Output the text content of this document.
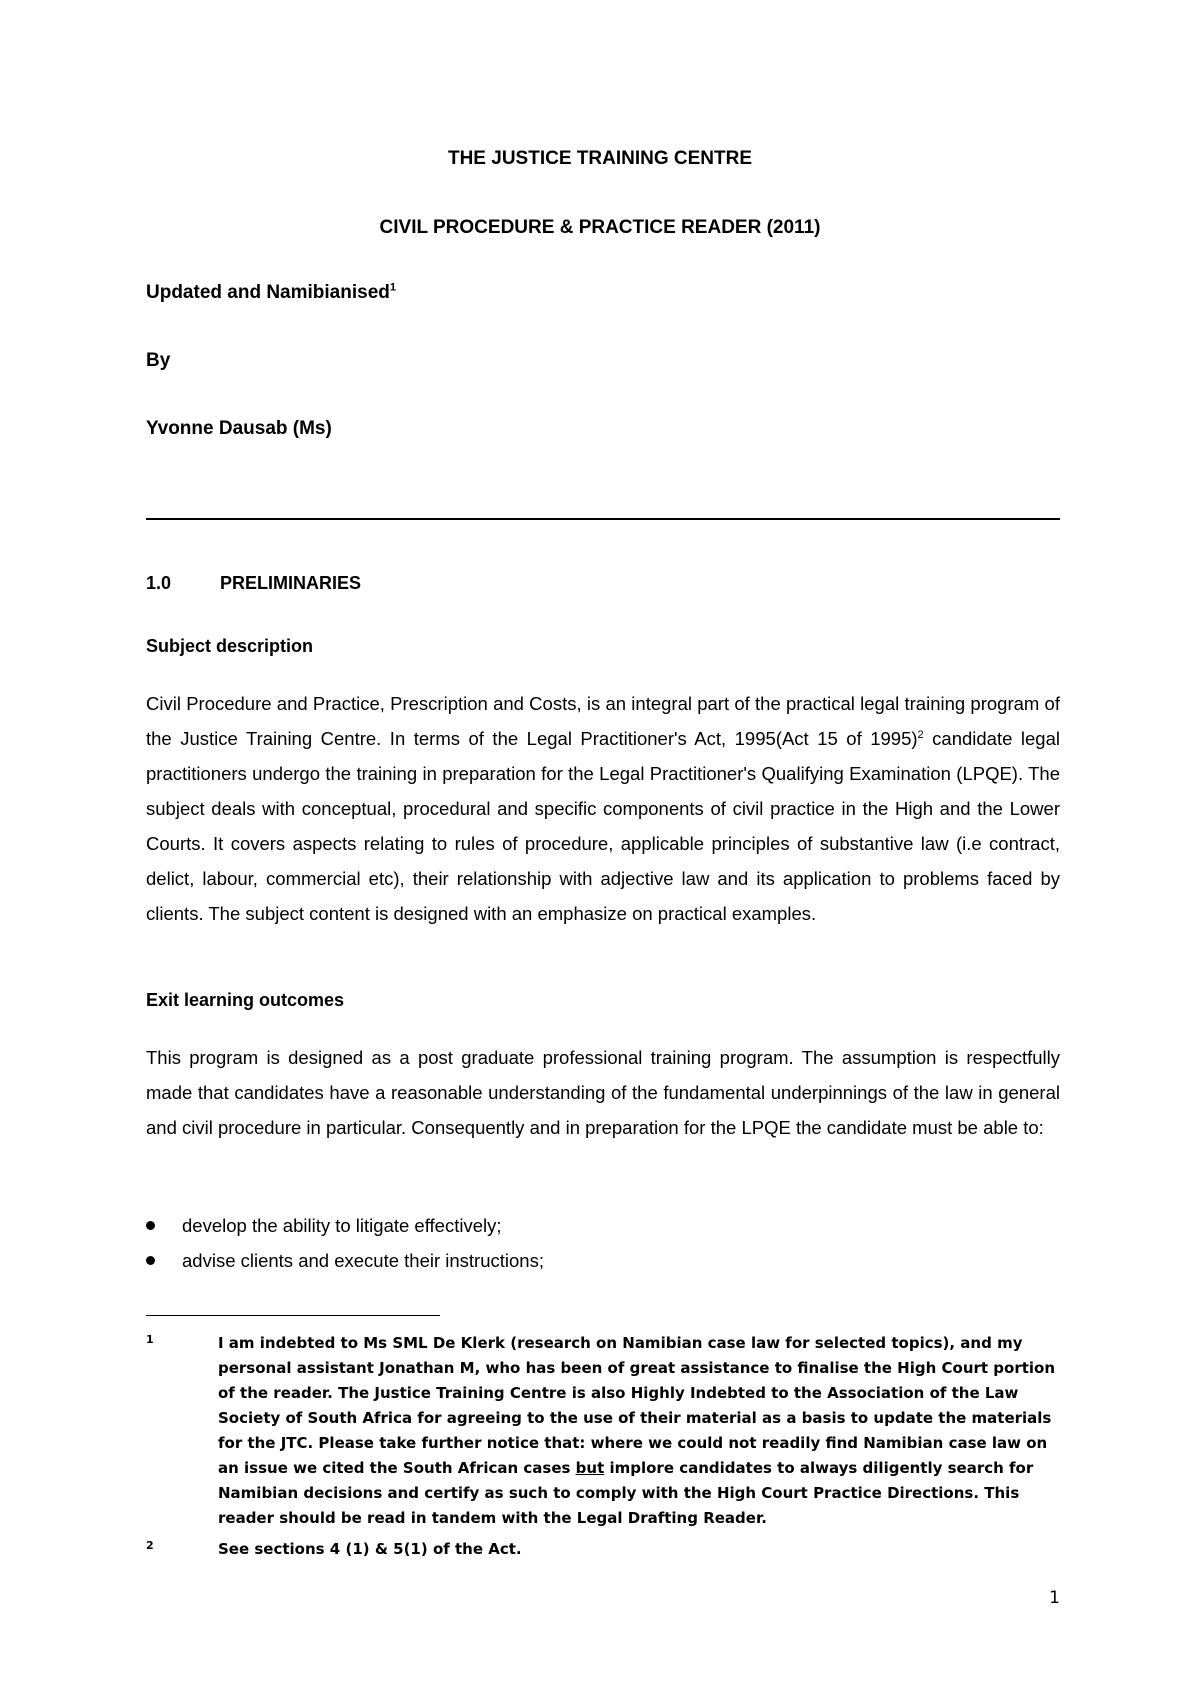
THE JUSTICE TRAINING CENTRE
CIVIL PROCEDURE & PRACTICE READER (2011)
Updated and Namibianised$^1$
By
Yvonne Dausab (Ms)
1.0	PRELIMINARIES
Subject description
Civil Procedure and Practice, Prescription and Costs, is an integral part of the practical legal training program of the Justice Training Centre. In terms of the Legal Practitioner's Act, 1995(Act 15 of 1995)$^2$ candidate legal practitioners undergo the training in preparation for the Legal Practitioner's Qualifying Examination (LPQE). The subject deals with conceptual, procedural and specific components of civil practice in the High and the Lower Courts. It covers aspects relating to rules of procedure, applicable principles of substantive law (i.e contract, delict, labour, commercial etc), their relationship with adjective law and its application to problems faced by clients. The subject content is designed with an emphasize on practical examples.
Exit learning outcomes
This program is designed as a post graduate professional training program. The assumption is respectfully made that candidates have a reasonable understanding of the fundamental underpinnings of the law in general and civil procedure in particular. Consequently and in preparation for the LPQE the candidate must be able to:
develop the ability to litigate effectively;
advise clients and execute their instructions;
1	I am indebted to Ms SML De Klerk (research on Namibian case law for selected topics), and my personal assistant Jonathan M, who has been of great assistance to finalise the High Court portion of the reader. The Justice Training Centre is also Highly Indebted to the Association of the Law Society of South Africa for agreeing to the use of their material as a basis to update the materials for the JTC. Please take further notice that: where we could not readily find Namibian case law on an issue we cited the South African cases but implore candidates to always diligently search for Namibian decisions and certify as such to comply with the High Court Practice Directions. This reader should be read in tandem with the Legal Drafting Reader.
2	See sections 4 (1) & 5(1) of the Act.
1
